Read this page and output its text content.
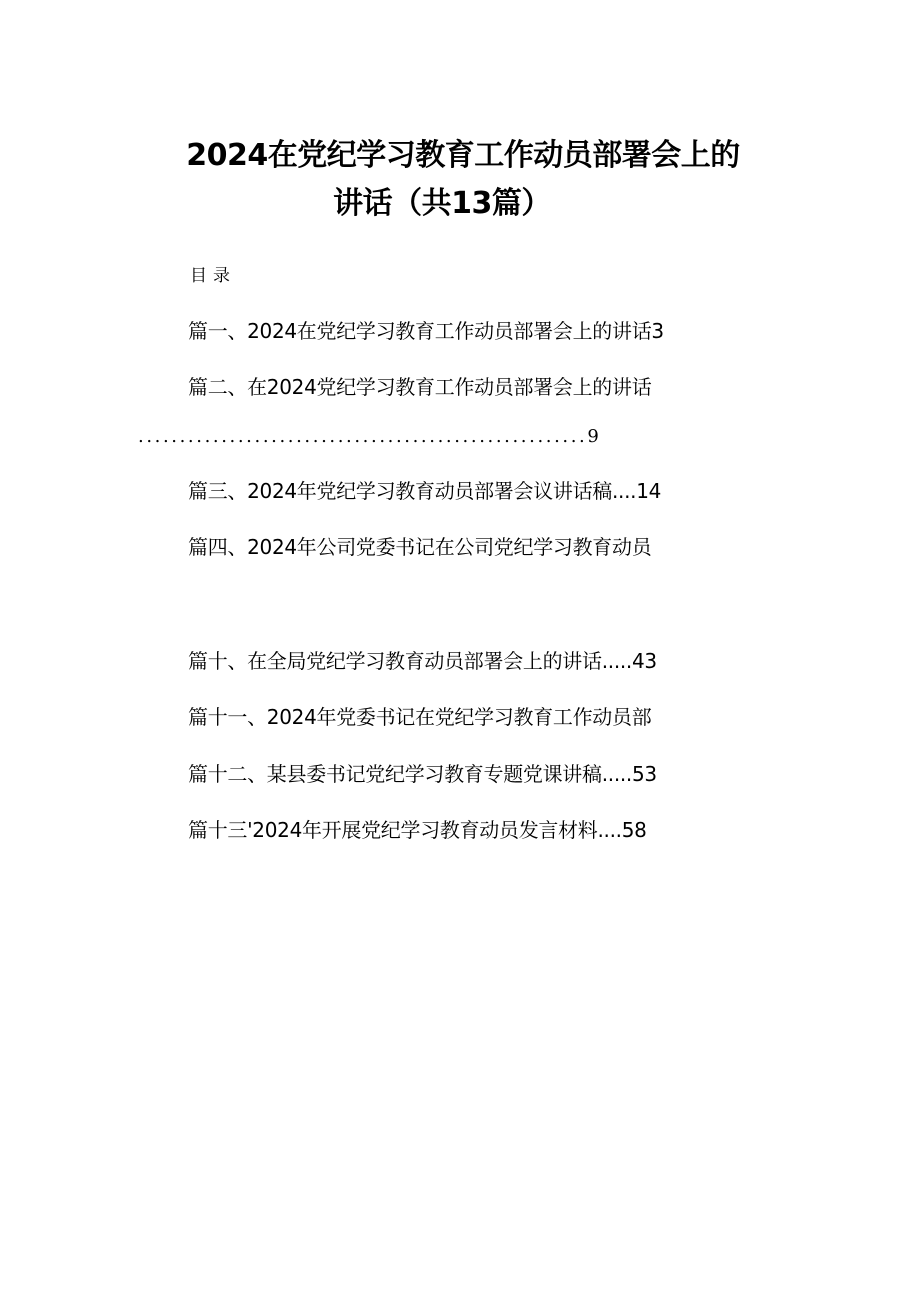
2024在党纪学习教育工作动员部署会上的
讲话（共13篇）
目录
篇一、2024在党纪学习教育工作动员部署会上的讲话3
篇二、在2024党纪学习教育工作动员部署会上的讲话
......................................................9
篇三、2024年党纪学习教育动员部署会议讲话稿....14
篇四、2024年公司党委书记在公司党纪学习教育动员
篇十、在全局党纪学习教育动员部署会上的讲话.....43
篇十一、2024年党委书记在党纪学习教育工作动员部
篇十二、某县委书记党纪学习教育专题党课讲稿.....53
篇十三'2024年开展党纪学习教育动员发言材料....58
